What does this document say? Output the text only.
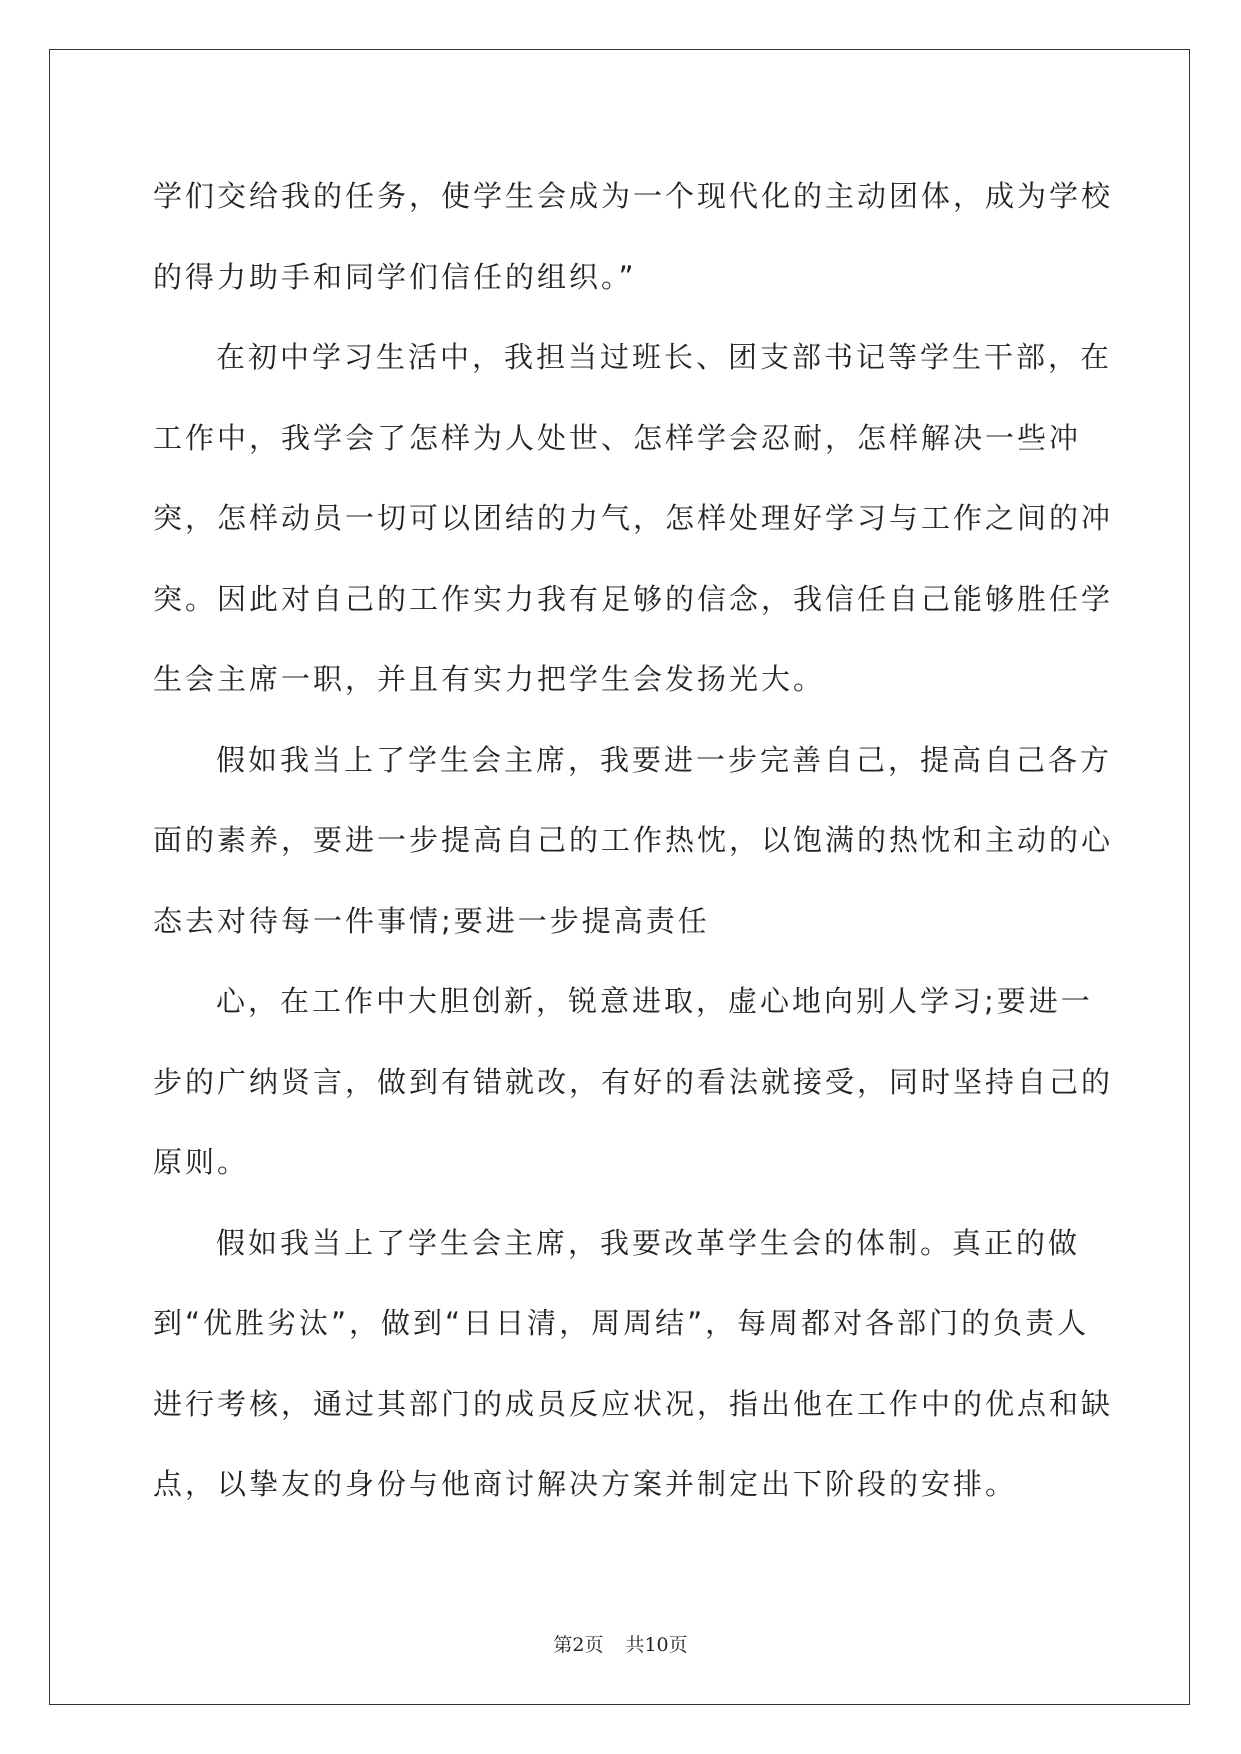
学们交给我的任务，使学生会成为一个现代化的主动团体，成为学校的得力助手和同学们信任的组织。”

在初中学习生活中，我担当过班长、团支部书记等学生干部，在工作中，我学会了怎样为人处世、怎样学会忍耐，怎样解决一些冲突，怎样动员一切可以团结的力气，怎样处理好学习与工作之间的冲突。因此对自己的工作实力我有足够的信念，我信任自己能够胜任学生会主席一职，并且有实力把学生会发扬光大。

假如我当上了学生会主席，我要进一步完善自己，提高自己各方面的素养，要进一步提高自己的工作热忱，以饱满的热忱和主动的心态去对待每一件事情;要进一步提高责任

心，在工作中大胆创新，锐意进取，虚心地向别人学习;要进一步的广纳贤言，做到有错就改，有好的看法就接受，同时坚持自己的原则。

假如我当上了学生会主席，我要改革学生会的体制。真正的做到“优胜劣汰”，做到“日日清，周周结”，每周都对各部门的负责人进行考核，通过其部门的成员反应状况，指出他在工作中的优点和缺点，以挚友的身份与他商讨解决方案并制定出下阶段的安排。

第2页 共10页
